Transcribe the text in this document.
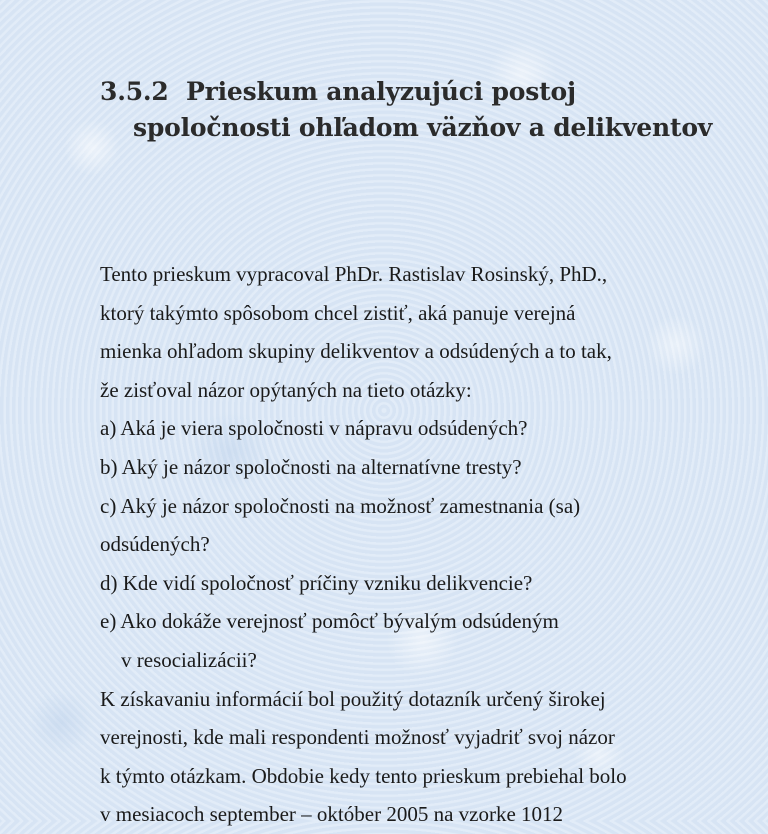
3.5.2 Prieskum analyzujúci postoj
spoločnosti ohľadom väzňov a delikventov
Tento prieskum vypracoval PhDr. Rastislav Rosinský, PhD.,
ktorý takýmto spôsobom chcel zistiť, aká panuje verejná
mienka ohľadom skupiny delikventov a odsúdených a to tak,
že zisťoval názor opýtaných na tieto otázky:
a) Aká je viera spoločnosti v nápravu odsúdených?
b) Aký je názor spoločnosti na alternatívne tresty?
c) Aký je názor spoločnosti na možnosť zamestnania (sa)
odsúdených?
d) Kde vidí spoločnosť príčiny vzniku delikvencie?
e) Ako dokáže verejnosť pomôcť bývalým odsúdeným
v resocializácii?
K získavaniu informácií bol použitý dotazník určený širokej
verejnosti, kde mali respondenti možnosť vyjadriť svoj názor
k týmto otázkam. Obdobie kedy tento prieskum prebiehal bolo
v mesiacoch september – október 2005 na vzorke 1012
